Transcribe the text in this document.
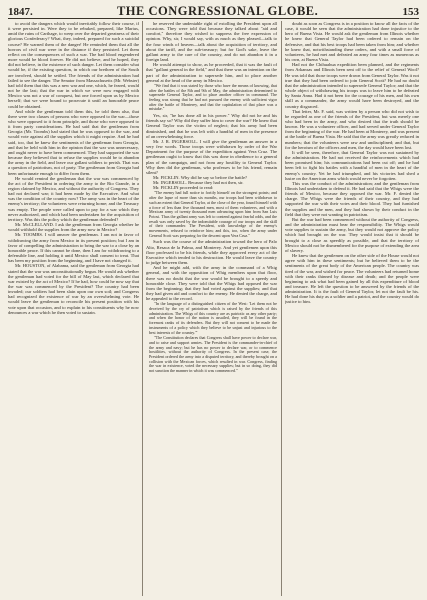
1847.	THE CONGRESSIONAL GLOBE.	153

to avoid the dangers which would inevitably follow their course, if it were persisted in. Were they to be rebuked, prepared, like Marius, amid the ruins of Carthage, to weep over the departed greatness of their glorious Confederacy? What, they, indeed, prepared for such a suicidal course? He warned them of the danger! He reminded them that all the horrors of civil war were in the distance if they persisted. Let them reflect on the consequences of such a war. The bad blood engendered more would be blood forever. He did not believe, and he hoped, they did not believe, in the existence of such danger. Let them consider what would be, if the existing question, in which our brethren of the South are involved, should be settled. The friends of the administration had failed to see the danger. The Senator from Massachusetts (Mr. Webster) had told them that this was a new war and one, which, he feared, would not be the last; that the war in which we were now engaged with Mexico was not a war of conquest, but one forced upon us by Mexico herself; that we were bound to prosecute it until an honorable peace could be obtained.

And while the gentleman told them this, he told them also, that there were two classes of persons who were opposed to the war—those who were opposed to it from principle, and those who were opposed to it from party considerations. He had said that the gentleman from Georgia (Mr. Toombs) had stated that he was opposed to the war, and would vote against all the supplies which it might require. And he had said, too, that he knew the sentiments of the gentleman from Georgia, and that he held with him in the opinion that the war was unnecessary, and ought never to have been commenced. They had supported the war because they believed that to refuse the supplies would be to abandon the army in the field, and leave our gallant soldiers to perish. That was a question of patriotism, not of party. The gentleman from Georgia had been unfortunate enough to differ from them.

He would remind the gentleman that the war was commenced by the act of the President in ordering the army to the Rio Grande, in a region claimed by Mexico, and without the authority of Congress. They had not declared war; it had been made by the Executive. And what was the condition of the country now? The army was in the heart of the enemy's territory; the volunteers were returning home; and the Treasury was empty. The people were called upon to pay for a war which they never authorized, and which had been undertaken for the acquisition of territory. Was this the policy which the gentleman defended?

Mr. McCLELLAND. I ask the gentleman from Georgia whether he would withhold the supplies from the army now in Mexico?

Mr. TOOMBS. I will answer the gentleman. I am not in favor of withdrawing the army from Mexico in its present position; but I am in favor of compelling the administration to bring the war to a close by an honorable peace. If this cannot be done, then I am for withdrawing to a defensible line, and holding it until Mexico shall consent to treat. That has been my position from the beginning, and I have not changed it.

Mr. HOUSTON, of Alabama, said the gentleman from Georgia had stated that the war was unconstitutionally begun. He would ask whether the gentleman had voted for the bill of May last, which declared that war existed by the act of Mexico? If he had, how could he now say that the war was commenced by the President? The country had been invaded; our soldiers had been slain upon our own soil; and Congress had recognized the existence of war by an overwhelming vote. He would leave the gentleman to reconcile his present position with his vote upon that occasion, and to explain to his constituents why he now denounces a war which he then voted to sustain.

he reserved the undeniable right of extolling the President upon all occasions. They were told that because they talked about "aid and comfort," therefore they wished to suppress the free expression of opinion. Why, sir, I would say, with as much as they pleased—talk to the four winds of heaven—talk about the acquisition of territory, and about the tariff, and the sub-treasury; but for God's sake, leave the gallant army to the care of the country, and do not abandon it in a foreign land.

He would attempt to show, as he proceeded, that it was the fault of that "gallant general in the field," and that there was an intention on the part of the administration to supersede him, and to place another general at the head of the army in Mexico.

"We find that it was stated by those who have the means of knowing, that after the battles of the 8th and 9th of May, the administration determined to supersede General Taylor, and to place another officer in command. The feeling was strong that he had not pursued the enemy with sufficient vigor after the battle of Monterey, and that the capitulation of that place was a mistake."

Yes, sir, "he has done all in his power." Why did not he and his friends say so? Why did they suffer him to cover the war? He knew that General Taylor was the victim of neglect; that his army had been diminished, and that he was left with a handful of men in the presence of an overwhelming force.

Mr. J. R. INGERSOLL. I will give the gentleman an answer in a very few words. Those troops were withdrawn by order of the War Department for the purpose of the expedition against Vera Cruz. The gentleman ought to know that this was done in obedience to a general plan of the campaign, and not from any hostility to General Taylor. Why then did the gentleman, who professes to be his friend, remain silent?

Mr. FICKLIN. Why did he say so before the battle?

Mr. INGERSOLL. Because they had not then, sir.

Mr. FICKLIN proceeded to read:

"The enemy had full notice to fortify himself on the strongest points; and after the lapse of more than six months, our troops had been withdrawn to such an extent that General Taylor, at the close of the year, found himself with a force of less than five thousand men, most of them volunteers, and with a Mexican army of twenty thousand men advancing upon him from San Luis Potosi. Thus the gallant army was left to contend against fearful odds, and the result was only saved by the indomitable courage of our troops and the skill of their commander. The President, with knowledge of the enemy's movements, refused to reinforce him; and this, too, when the army under General Scott was preparing for the descent upon Vera Cruz."

Such was the course of the administration toward the hero of Palo Alto, Resaca de la Palma, and Monterey. And yet gentlemen upon this floor professed to be his friends, while they approved every act of the Executive which tended to his destruction. He would leave the country to judge between them.

And he might add, with the army in the command of a Whig general, and with the opposition of Whig members upon that floor, there was no doubt that the war would be brought to a speedy and honorable close. They were told that the Whigs had opposed the war from the beginning; that they had voted against the supplies; and that they had given aid and comfort to the enemy. He denied the charge, and he appealed to the record.

"In the language of a distinguished citizen of the West: 'Let them not be deceived by the cry of patriotism which is raised by the friends of this administration. The Whigs of this country are as patriotic as any other party; and when the honor of the nation is assailed, they will be found in the foremost ranks of its defenders. But they will not consent to be made the instruments of a policy which they believe to be unjust and injurious to the best interests of the country.'"

"The Constitution declares that Congress shall have power to declare war, and to raise and support armies. The President is the commander-in-chief of the army and navy; but he has no power to declare war, or to commence hostilities, without the authority of Congress. In the present case, the President ordered the army into a disputed territory, and thereby brought on a collision with the Mexican forces, which resulted in war. Congress, finding the war in existence, voted the necessary supplies; but in so doing, they did not sanction the manner in which it was commenced."

doubt as soon as Congress is in a position to know all the facts of the case, it would be seen that the administration had done injustice to the hero of Buena Vista. He would ask the gentleman from Illinois whether he knew that General Taylor had been ordered to remain on the defensive, and that his best troops had been taken from him; and whether he knew that, notwithstanding these orders, and with a small force of volunteers, he had met and defeated an army four times as numerous as his own, at Buena Vista.

Had not the Chihuahua expedition been planned, and the regiments from Arkansas and Illinois been sent off to the relief of General Wool? He was told that those troops were drawn from General Taylor. Was it not true that they had been ordered to join General Scott? He had no doubt that the administration intended to supersede General Taylor; and that the whole object of withdrawing his troops was to leave him to be defeated by Santa Anna. Had it not been for the courage of his men, and his own skill as a commander, the army would have been destroyed, and the country disgraced.

That letter, Mr. F. said, was written by a person who did not wish to be regarded as one of the friends of the President, but was merely one who had been in the army, and who desired that the truth should be known. He was a volunteer officer, and had served under General Taylor from the beginning of the war. He had been at Monterey, and was present at the battle of Buena Vista. He said that the army was greatly reduced in numbers; that the volunteers were raw and undisciplined; and that, but for the heroism of the officers and men, the day would have been lost.

It will be seen, therefore, that General Taylor was not sustained by the administration. He had not received the reinforcements which had been promised him; his communications had been cut off; and he had been left to fight his battles with a handful of men in the heart of the enemy's country. Yet he had triumphed, and his victories had shed a lustre on the American arms which would never be forgotten.

This was the conduct of the administration; and the gentleman from Illinois had undertaken to defend it. He had said that the Whigs were the friends of Mexico, because they opposed the war. Mr. F. denied the charge. The Whigs were the friends of their country, and they had supported the war with their votes and their blood. They had furnished the supplies and the men, and they had shown by their conduct in the field that they were not wanting in patriotism.

But the war had been commenced without the authority of Congress, and the administration must bear the responsibility. The Whigs would vote supplies to sustain the army, but they would not approve the policy which had brought on the war. They would insist that it should be brought to a close as speedily as possible, and that the territory of Mexico should not be dismembered for the purpose of extending the area of slavery.

He knew that the gentlemen on the other side of the House would not agree with him in these sentiments; but he believed them to be the sentiments of the great body of the American people. The country was tired of the war, and wished for peace. The volunteers had returned home with their ranks thinned by disease and death; and the people were beginning to ask what had been gained by all this expenditure of blood and treasure. He left the question to be answered by the friends of the administration. It is the fault of General Taylor, let not the fault be his. He had done his duty as a soldier and a patriot, and the country would do justice to him.
